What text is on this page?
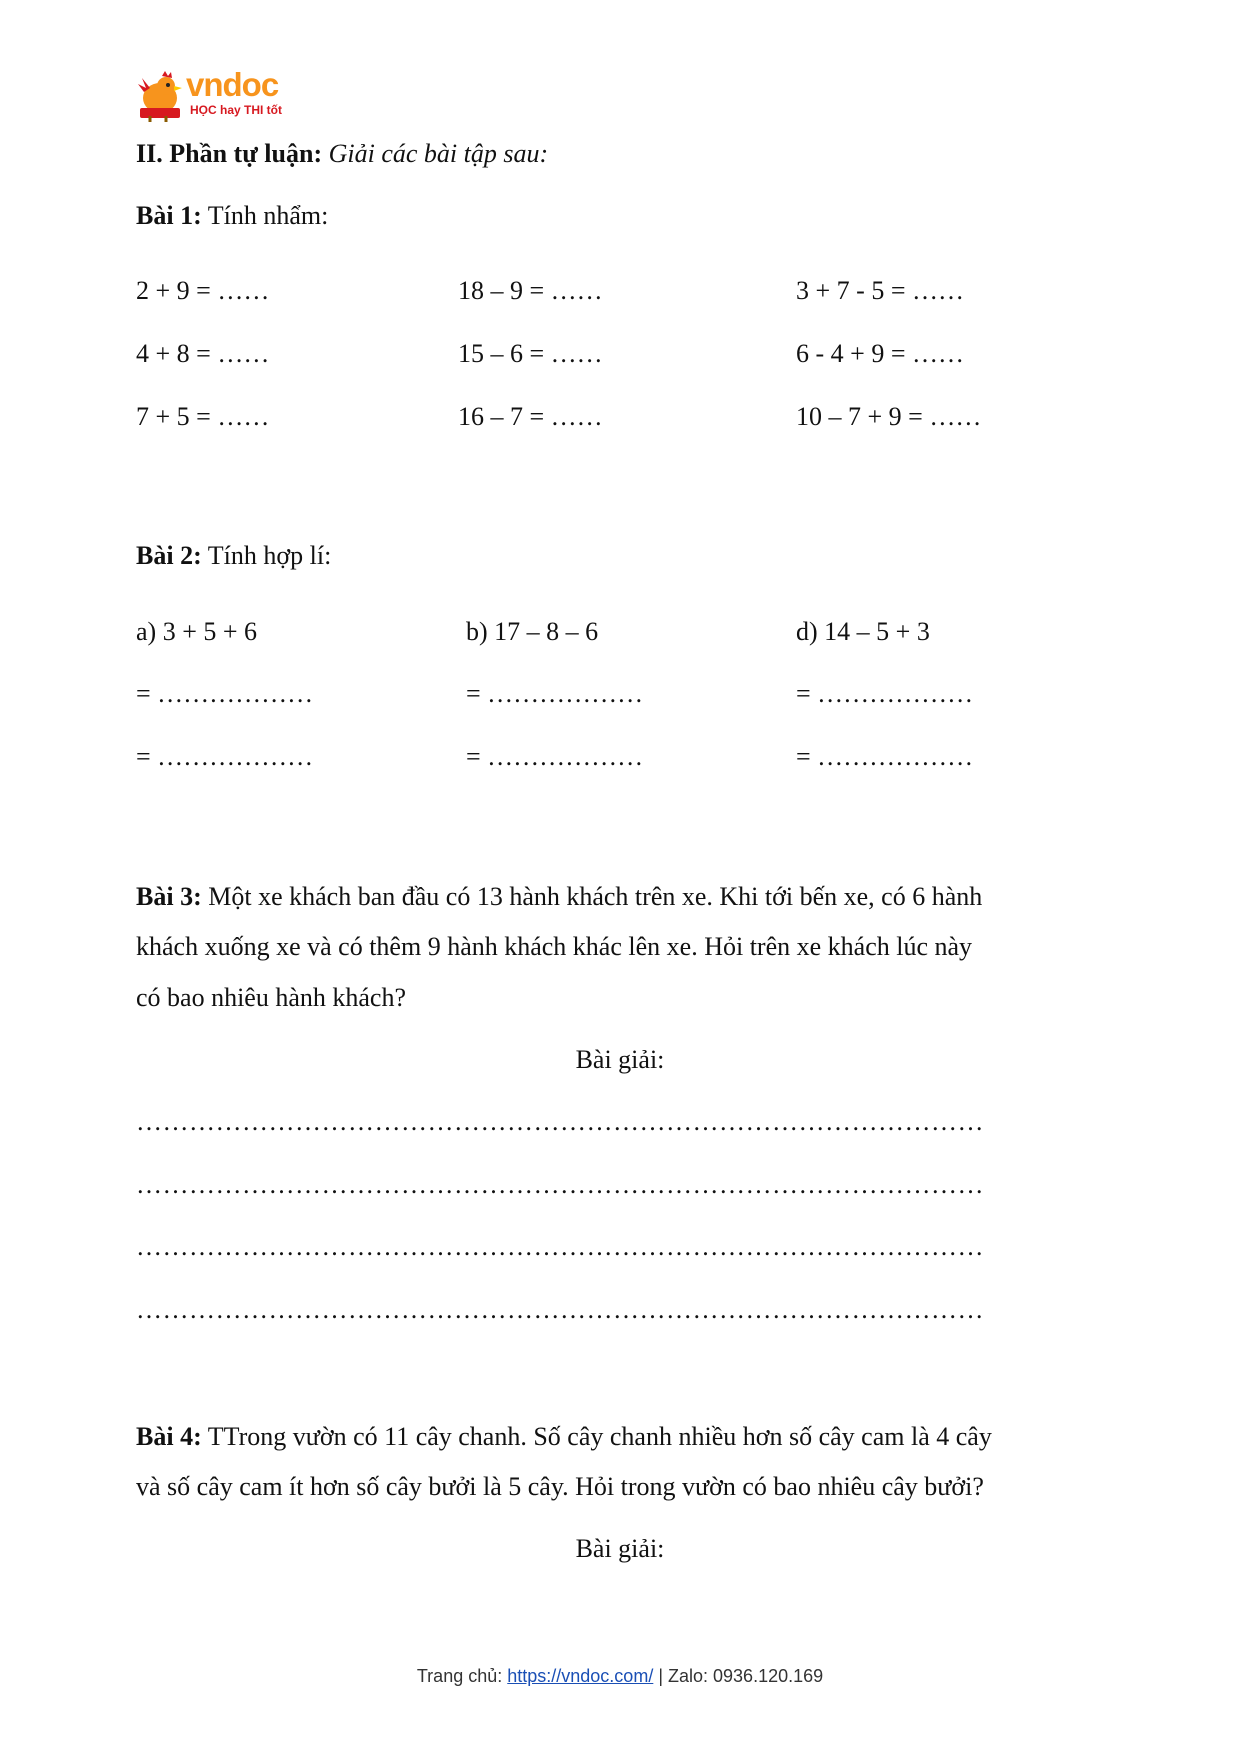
vndoc
HỌC hay THI tốt
II. Phần tự luận: Giải các bài tập sau:
Bài 1: Tính nhẩm:
2 + 9 = ……	18 – 9 = ……	3 + 7 - 5 = ……
4 + 8 = ……	15 – 6 = ……	6 - 4 + 9 = ……
7 + 5 = ……	16 – 7 = ……	10 – 7 + 9 = ……
Bài 2: Tính hợp lí:
a) 3 + 5 + 6	b) 17 – 8 – 6	d) 14 – 5 + 3
= ………………	= ………………	= ………………
= ………………	= ………………	= ………………
Bài 3: Một xe khách ban đầu có 13 hành khách trên xe. Khi tới bến xe, có 6 hành
khách xuống xe và có thêm 9 hành khách khác lên xe. Hỏi trên xe khách lúc này
có bao nhiêu hành khách?
Bài giải:
……………………………………………………………………………………
……………………………………………………………………………………
……………………………………………………………………………………
……………………………………………………………………………………
Bài 4: TTrong vườn có 11 cây chanh. Số cây chanh nhiều hơn số cây cam là 4 cây
và số cây cam ít hơn số cây bưởi là 5 cây. Hỏi trong vườn có bao nhiêu cây bưởi?
Bài giải:
Trang chủ: https://vndoc.com/ | Zalo: 0936.120.169
